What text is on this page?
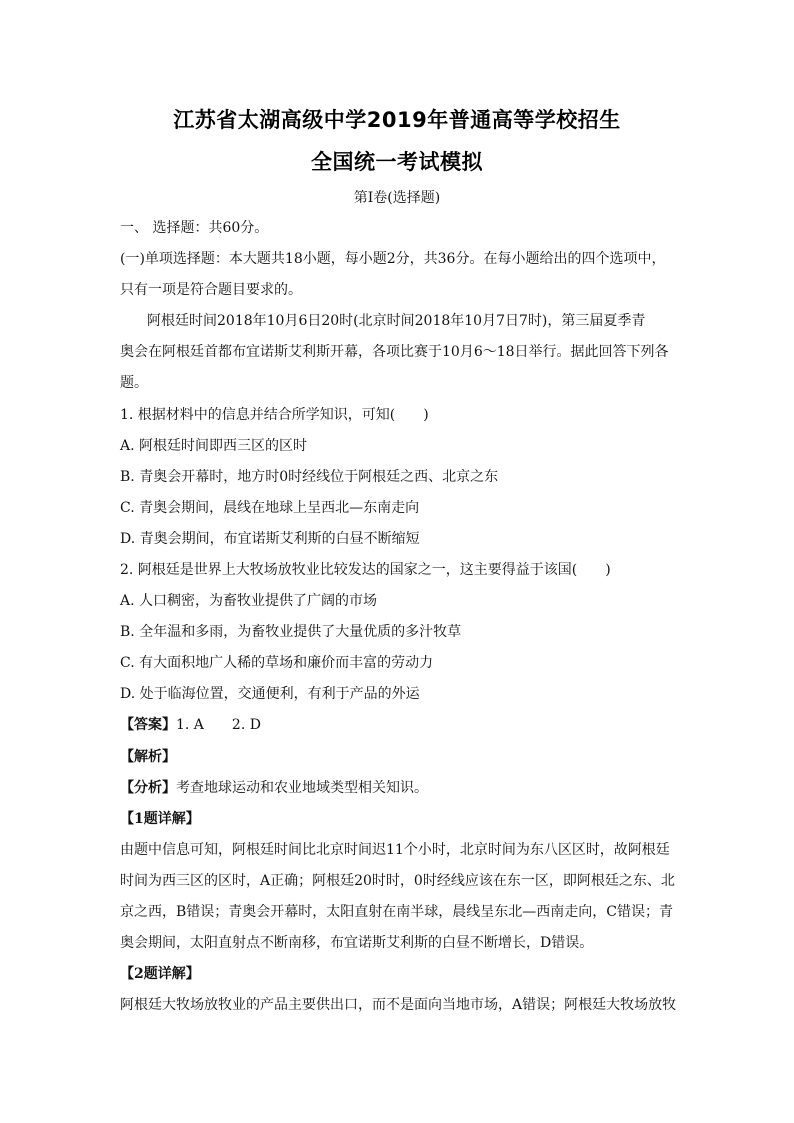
江苏省太湖高级中学2019年普通高等学校招生
全国统一考试模拟
第Ⅰ卷(选择题)
一、 选择题：共60分。
(一)单项选择题：本大题共18小题，每小题2分，共36分。在每小题给出的四个选项中，
只有一项是符合题目要求的。
阿根廷时间2018年10月6日20时(北京时间2018年10月7日7时)，第三届夏季青
奥会在阿根廷首都布宜诺斯艾利斯开幕，各项比赛于10月6～18日举行。据此回答下列各
题。
1. 根据材料中的信息并结合所学知识，可知(　　)
A. 阿根廷时间即西三区的区时
B. 青奥会开幕时，地方时0时经线位于阿根廷之西、北京之东
C. 青奥会期间，晨线在地球上呈西北—东南走向
D. 青奥会期间，布宜诺斯艾利斯的白昼不断缩短
2. 阿根廷是世界上大牧场放牧业比较发达的国家之一，这主要得益于该国(　　)
A. 人口稠密，为畜牧业提供了广阔的市场
B. 全年温和多雨，为畜牧业提供了大量优质的多汁牧草
C. 有大面积地广人稀的草场和廉价而丰富的劳动力
D. 处于临海位置，交通便利，有利于产品的外运
【答案】1. A　　2. D
【解析】
【分析】考查地球运动和农业地域类型相关知识。
【1题详解】
由题中信息可知，阿根廷时间比北京时间迟11个小时，北京时间为东八区区时，故阿根廷
时间为西三区的区时，A正确；阿根廷20时时，0时经线应该在东一区，即阿根廷之东、北
京之西，B错误；青奥会开幕时，太阳直射在南半球，晨线呈东北—西南走向，C错误；青
奥会期间，太阳直射点不断南移，布宜诺斯艾利斯的白昼不断增长，D错误。
【2题详解】
阿根廷大牧场放牧业的产品主要供出口，而不是面向当地市场，A错误；阿根廷大牧场放牧
